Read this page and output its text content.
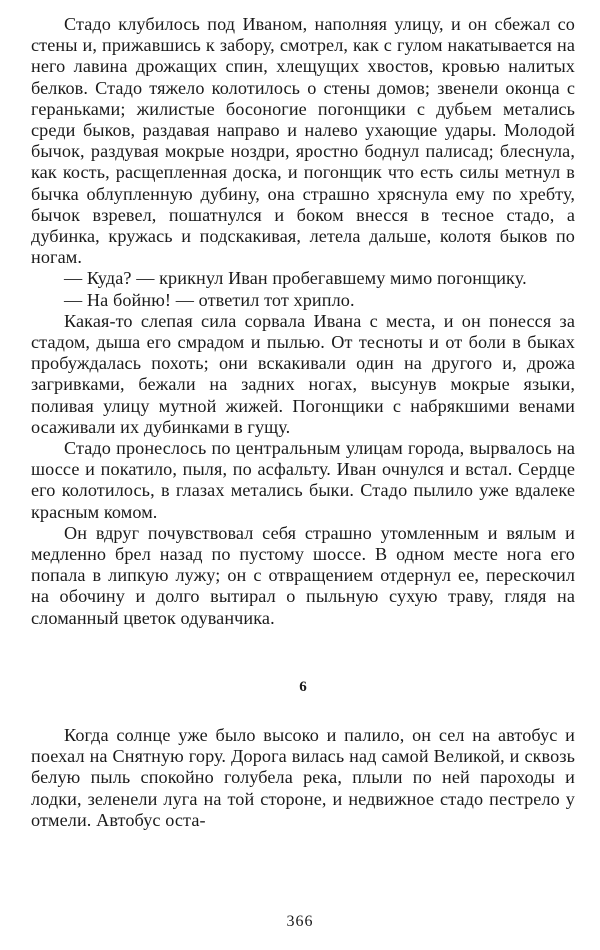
Стадо клубилось под Иваном, наполняя улицу, и он сбежал со стены и, прижавшись к забору, смотрел, как с гулом накатывается на него лавина дрожащих спин, хлещущих хвостов, кровью налитых белков. Стадо тяжело колотилось о стены домов; звенели оконца с гераньками; жилистые босоногие погонщики с дубьем метались среди быков, раздавая направо и налево ухающие удары. Молодой бычок, раздувая мокрые ноздри, яростно боднул палисад; блеснула, как кость, расщепленная доска, и погонщик что есть силы метнул в бычка облупленную дубину, она страшно хряснула ему по хребту, бычок взревел, пошатнулся и боком внесся в тесное стадо, а дубинка, кружась и подскакивая, летела дальше, колотя быков по ногам.

— Куда? — крикнул Иван пробегавшему мимо погонщику.

— На бойню! — ответил тот хрипло.

Какая-то слепая сила сорвала Ивана с места, и он понесся за стадом, дыша его смрадом и пылью. От тесноты и от боли в быках пробуждалась похоть; они вскакивали один на другого и, дрожа загривками, бежали на задних ногах, высунув мокрые языки, поливая улицу мутной жижей. Погонщики с набрякшими венами осаживали их дубинками в гущу.

Стадо пронеслось по центральным улицам города, вырвалось на шоссе и покатило, пыля, по асфальту. Иван очнулся и встал. Сердце его колотилось, в глазах метались быки. Стадо пылило уже вдалеке красным комом.

Он вдруг почувствовал себя страшно утомленным и вялым и медленно брел назад по пустому шоссе. В одном месте нога его попала в липкую лужу; он с отвращением отдернул ее, перескочил на обочину и долго вытирал о пыльную сухую траву, глядя на сломанный цветок одуванчика.

6

Когда солнце уже было высоко и палило, он сел на автобус и поехал на Снятную гору. Дорога вилась над самой Великой, и сквозь белую пыль спокойно голубела река, плыли по ней пароходы и лодки, зеленели луга на той стороне, и недвижное стадо пестрело у отмели. Автобус оста-

366
